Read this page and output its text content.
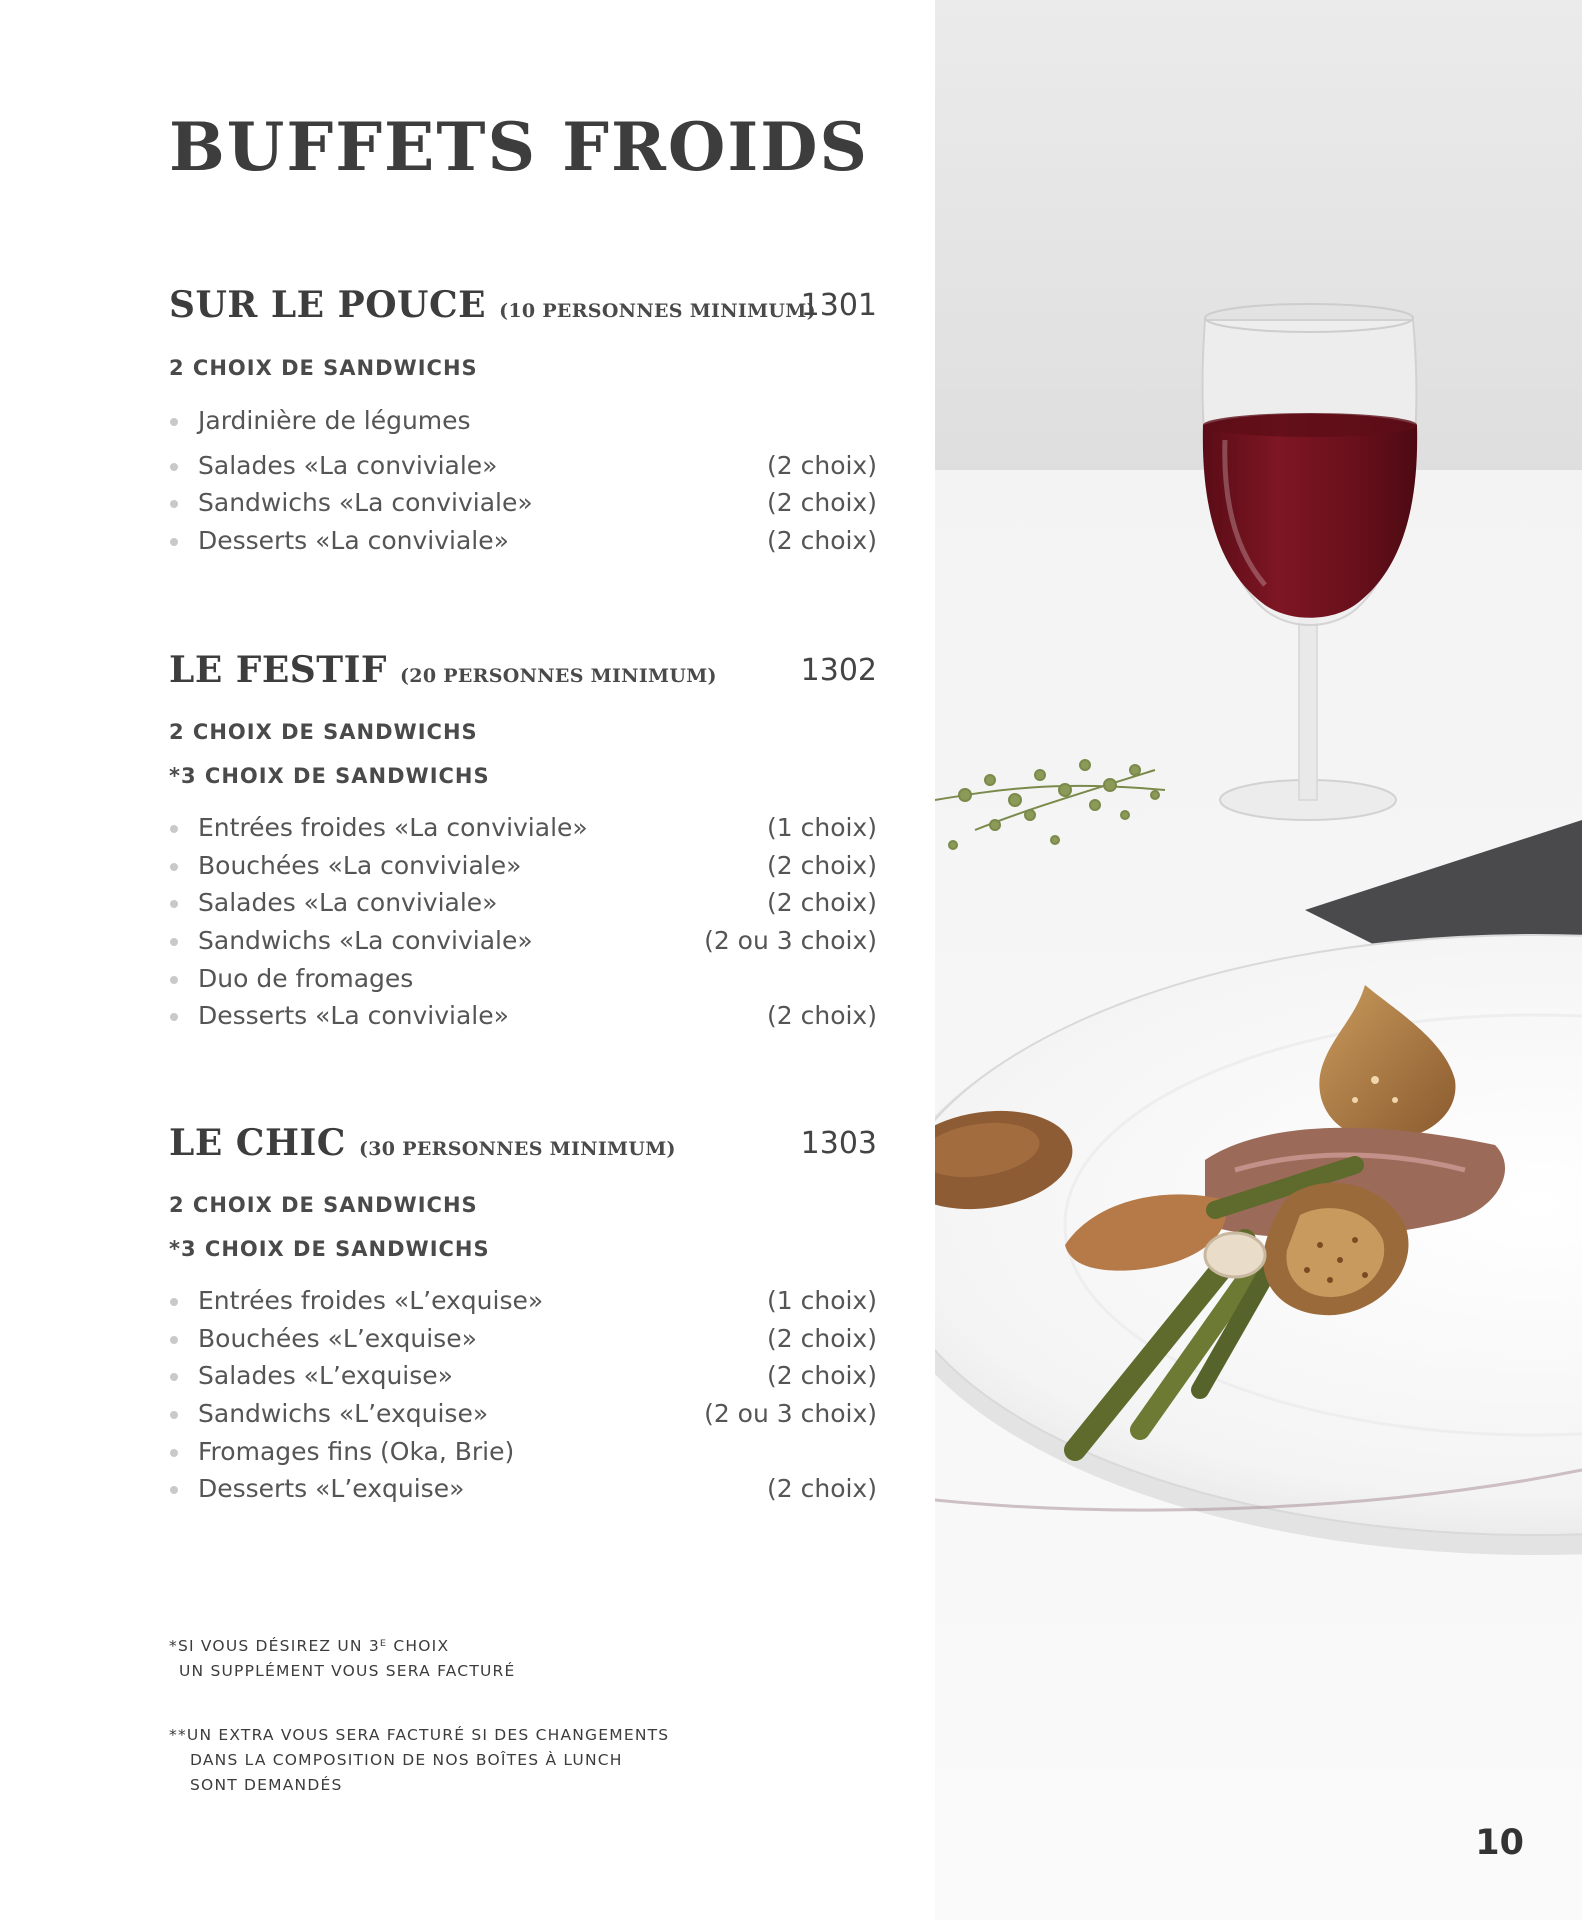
BUFFETS FROIDS
SUR LE POUCE (10 PERSONNES MINIMUM)
1301
2 CHOIX DE SANDWICHS
Jardinière de légumes
Salades «La conviviale»	(2 choix)
Sandwichs «La conviviale»	(2 choix)
Desserts «La conviviale»	(2 choix)
LE FESTIF (20 PERSONNES MINIMUM)	1302
2 CHOIX DE SANDWICHS
*3 CHOIX DE SANDWICHS
Entrées froides «La conviviale»	(1 choix)
Bouchées «La conviviale»	(2 choix)
Salades «La conviviale»	(2 choix)
Sandwichs «La conviviale»	(2 ou 3 choix)
Duo de fromages
Desserts «La conviviale»	(2 choix)
LE CHIC (30 PERSONNES MINIMUM)	1303
2 CHOIX DE SANDWICHS
*3 CHOIX DE SANDWICHS
Entrées froides «L’exquise»	(1 choix)
Bouchées «L’exquise»	(2 choix)
Salades «L’exquise»	(2 choix)
Sandwichs «L’exquise»	(2 ou 3 choix)
Fromages fins (Oka, Brie)
Desserts «L’exquise»	(2 choix)
*SI VOUS DÉSIREZ UN 3ᴱ CHOIX
UN SUPPLÉMENT VOUS SERA FACTURÉ
**UN EXTRA VOUS SERA FACTURÉ SI DES CHANGEMENTS
DANS LA COMPOSITION DE NOS BOÎTES À LUNCH
SONT DEMANDÉS
10
